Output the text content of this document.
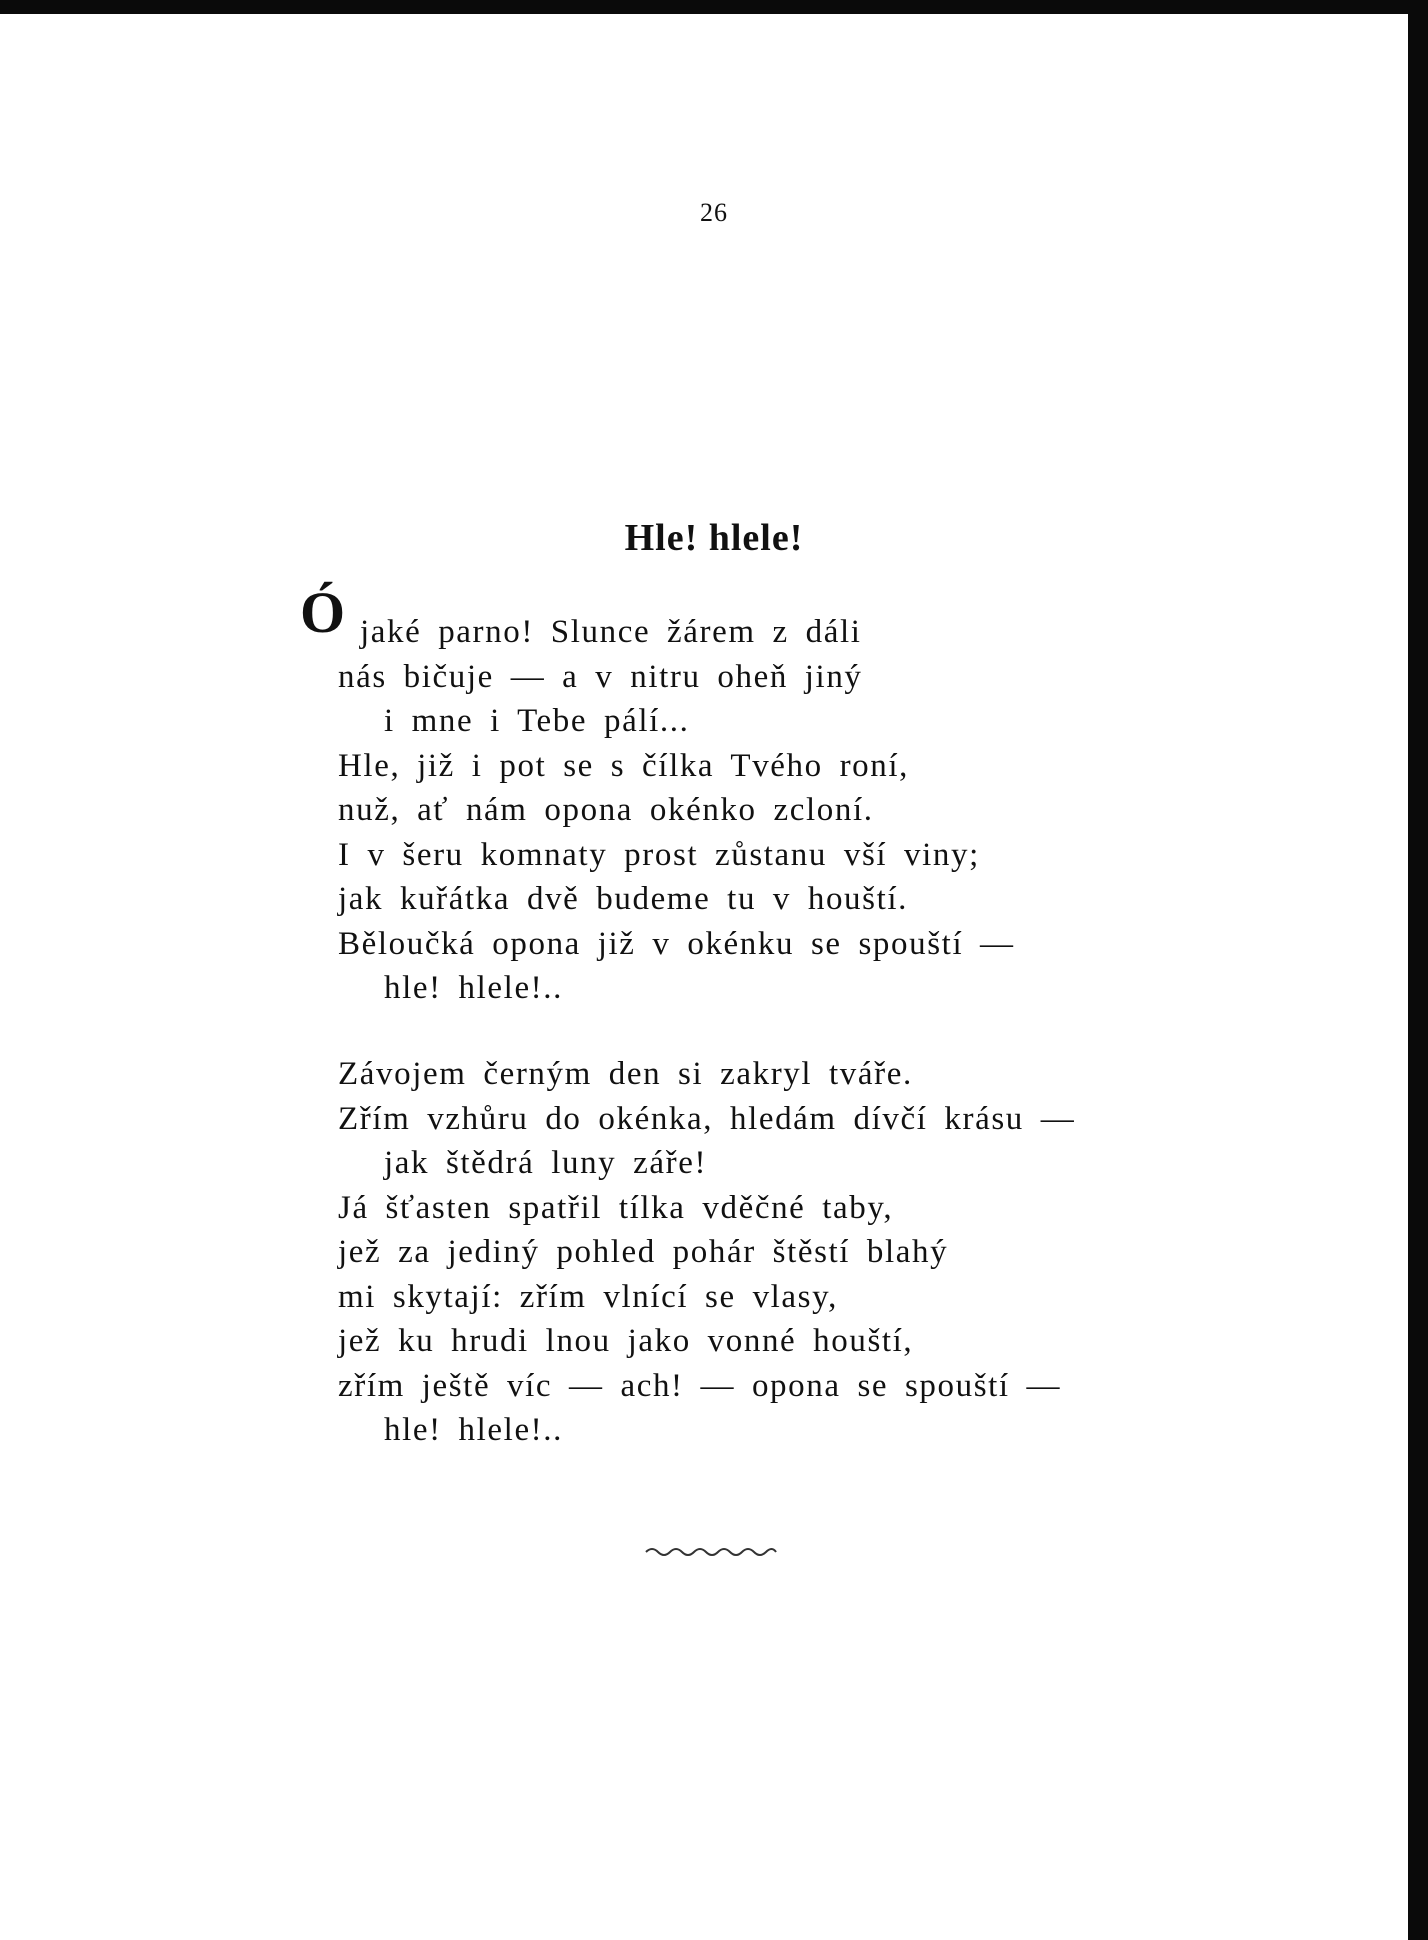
26
Hle! hlele!
Ó jaké parno! Slunce žárem z dáli
nás bičuje — a v nitru oheň jiný
i mne i Tebe pálí...
Hle, již i pot se s čílka Tvého roní,
nuž, ať nám opona okénko zcloní.
I v šeru komnaty prost zůstanu vší viny;
jak kuřátka dvě budeme tu v houští.
Běloučká opona již v okénku se spouští —
hle! hlele!..
Závojem černým den si zakryl tváře.
Zřím vzhůru do okénka, hledám dívčí krásu —
jak štědrá luny záře!
Já šťasten spatřil tílka vděčné taby,
jež za jediný pohled pohár štěstí blahý
mi skytají: zřím vlnící se vlasy,
jež ku hrudi lnou jako vonné houští,
zřím ještě víc — ach! — opona se spouští —
hle! hlele!..
